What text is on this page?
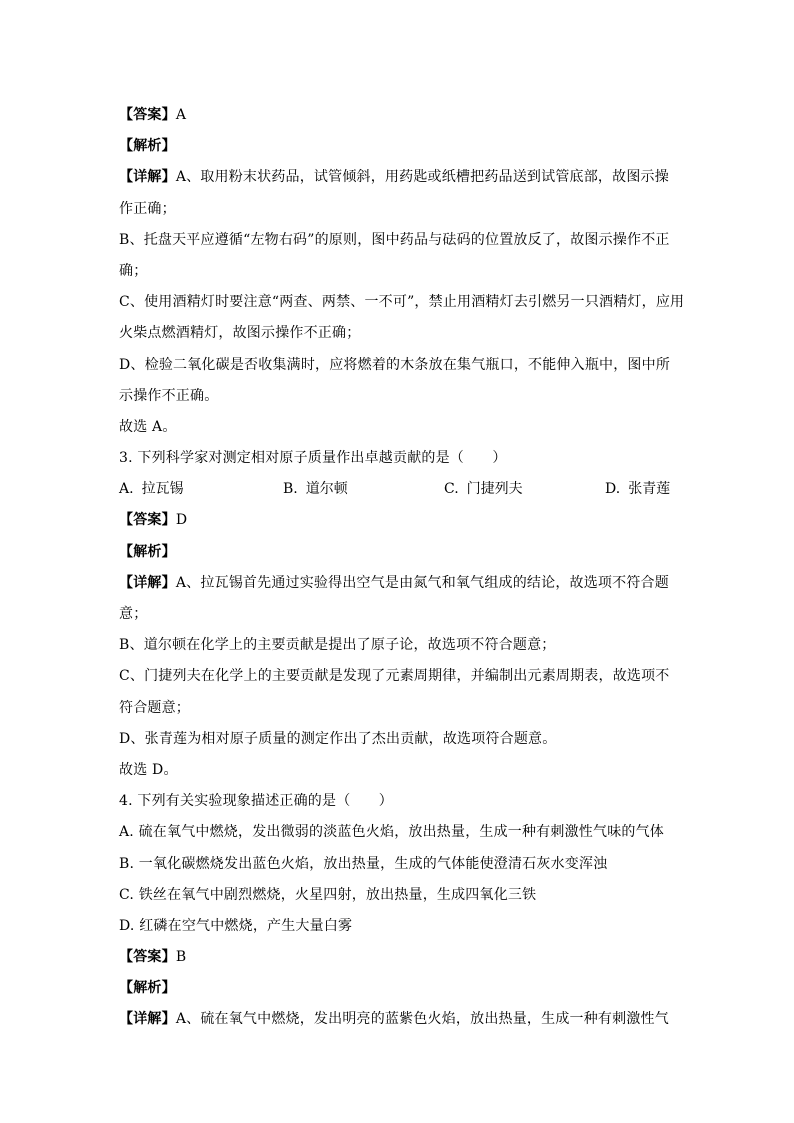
【答案】A
【解析】
【详解】A、取用粉末状药品，试管倾斜，用药匙或纸槽把药品送到试管底部，故图示操
作正确；
B、托盘天平应遵循“左物右码”的原则，图中药品与砝码的位置放反了，故图示操作不正
确；
C、使用酒精灯时要注意“两查、两禁、一不可”，禁止用酒精灯去引燃另一只酒精灯，应用
火柴点燃酒精灯，故图示操作不正确；
D、检验二氧化碳是否收集满时，应将燃着的木条放在集气瓶口，不能伸入瓶中，图中所
示操作不正确。
故选 A。
3. 下列科学家对测定相对原子质量作出卓越贡献的是（　　）
A. 拉瓦锡	B. 道尔顿	C. 门捷列夫	D. 张青莲
【答案】D
【解析】
【详解】A、拉瓦锡首先通过实验得出空气是由氮气和氧气组成的结论，故选项不符合题
意；
B、道尔顿在化学上的主要贡献是提出了原子论，故选项不符合题意；
C、门捷列夫在化学上的主要贡献是发现了元素周期律，并编制出元素周期表，故选项不
符合题意；
D、张青莲为相对原子质量的测定作出了杰出贡献，故选项符合题意。
故选 D。
4. 下列有关实验现象描述正确的是（　　）
A. 硫在氧气中燃烧，发出微弱的淡蓝色火焰，放出热量，生成一种有刺激性气味的气体
B. 一氧化碳燃烧发出蓝色火焰，放出热量，生成的气体能使澄清石灰水变浑浊
C. 铁丝在氧气中剧烈燃烧，火星四射，放出热量，生成四氧化三铁
D. 红磷在空气中燃烧，产生大量白雾
【答案】B
【解析】
【详解】A、硫在氧气中燃烧，发出明亮的蓝紫色火焰，放出热量，生成一种有刺激性气
